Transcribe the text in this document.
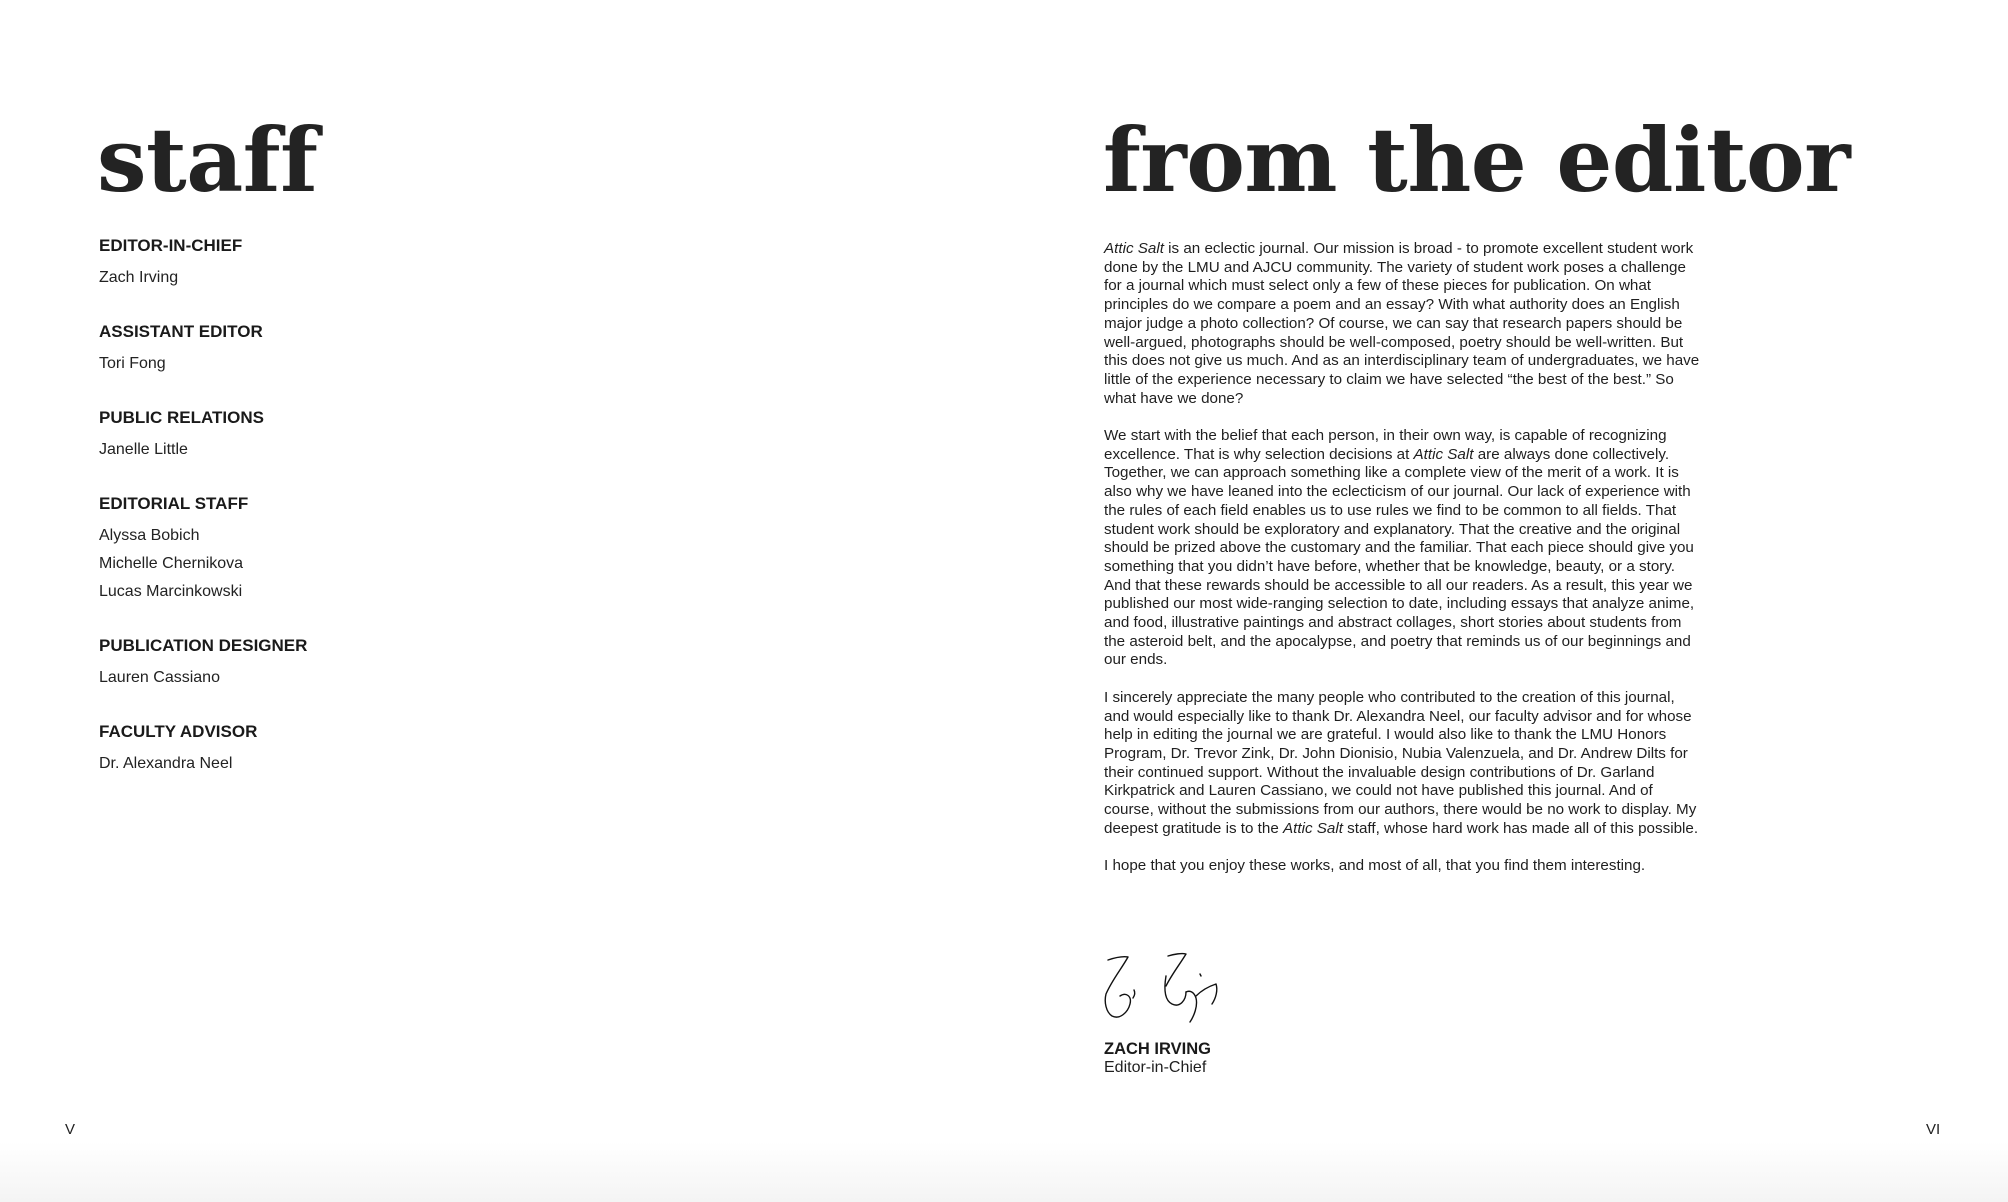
staff
EDITOR-IN-CHIEF
Zach Irving
ASSISTANT EDITOR
Tori Fong
PUBLIC RELATIONS
Janelle Little
EDITORIAL STAFF
Alyssa Bobich
Michelle Chernikova
Lucas Marcinkowski
PUBLICATION DESIGNER
Lauren Cassiano
FACULTY ADVISOR
Dr. Alexandra Neel
V
from the editor

Attic Salt is an eclectic journal. Our mission is broad - to promote excellent student work done by the LMU and AJCU community. The variety of student work poses a challenge for a journal which must select only a few of these pieces for publication. On what principles do we compare a poem and an essay? With what authority does an English major judge a photo collection? Of course, we can say that research papers should be well-argued, photographs should be well-composed, poetry should be well-written. But this does not give us much. And as an interdisciplinary team of undergraduates, we have little of the experience necessary to claim we have selected “the best of the best.” So what have we done?

We start with the belief that each person, in their own way, is capable of recognizing excellence. That is why selection decisions at Attic Salt are always done collectively. Together, we can approach something like a complete view of the merit of a work. It is also why we have leaned into the eclecticism of our journal. Our lack of experience with the rules of each field enables us to use rules we find to be common to all fields. That student work should be exploratory and explanatory. That the creative and the original should be prized above the customary and the familiar. That each piece should give you something that you didn’t have before, whether that be knowledge, beauty, or a story. And that these rewards should be accessible to all our readers. As a result, this year we published our most wide-ranging selection to date, including essays that analyze anime, and food, illustrative paintings and abstract collages, short stories about students from the asteroid belt, and the apocalypse, and poetry that reminds us of our beginnings and our ends.

I sincerely appreciate the many people who contributed to the creation of this journal, and would especially like to thank Dr. Alexandra Neel, our faculty advisor and for whose help in editing the journal we are grateful. I would also like to thank the LMU Honors Program, Dr. Trevor Zink, Dr. John Dionisio, Nubia Valenzuela, and Dr. Andrew Dilts for their continued support. Without the invaluable design contributions of Dr. Garland Kirkpatrick and Lauren Cassiano, we could not have published this journal. And of course, without the submissions from our authors, there would be no work to display. My deepest gratitude is to the Attic Salt staff, whose hard work has made all of this possible.

I hope that you enjoy these works, and most of all, that you find them interesting.

ZACH IRVING
Editor-in-Chief
VI
